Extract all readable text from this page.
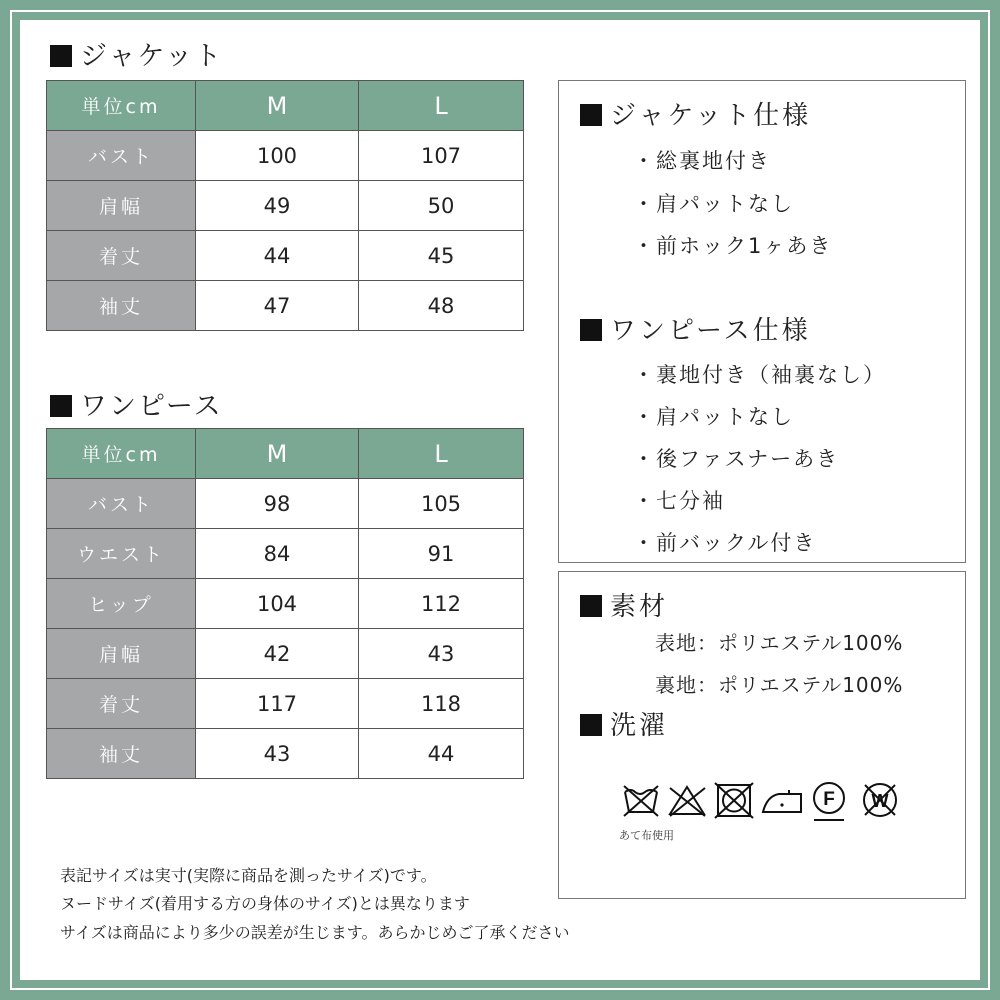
ジャケット
単位cm	M	L
バスト	100	107
肩幅	49	50
着丈	44	45
袖丈	47	48
ワンピース
単位cm	M	L
バスト	98	105
ウエスト	84	91
ヒップ	104	112
肩幅	42	43
着丈	117	118
袖丈	43	44
ジャケット仕様
・総裏地付き
・肩パットなし
・前ホック1ヶあき
ワンピース仕様
・裏地付き（袖裏なし）
・肩パットなし
・後ファスナーあき
・七分袖
・前バックル付き
素材
表地：ポリエステル100%
裏地：ポリエステル100%
洗濯
F W
あて布使用
表記サイズは実寸(実際に商品を測ったサイズ)です。
ヌードサイズ(着用する方の身体のサイズ)とは異なります
サイズは商品により多少の誤差が生じます。あらかじめご了承ください
